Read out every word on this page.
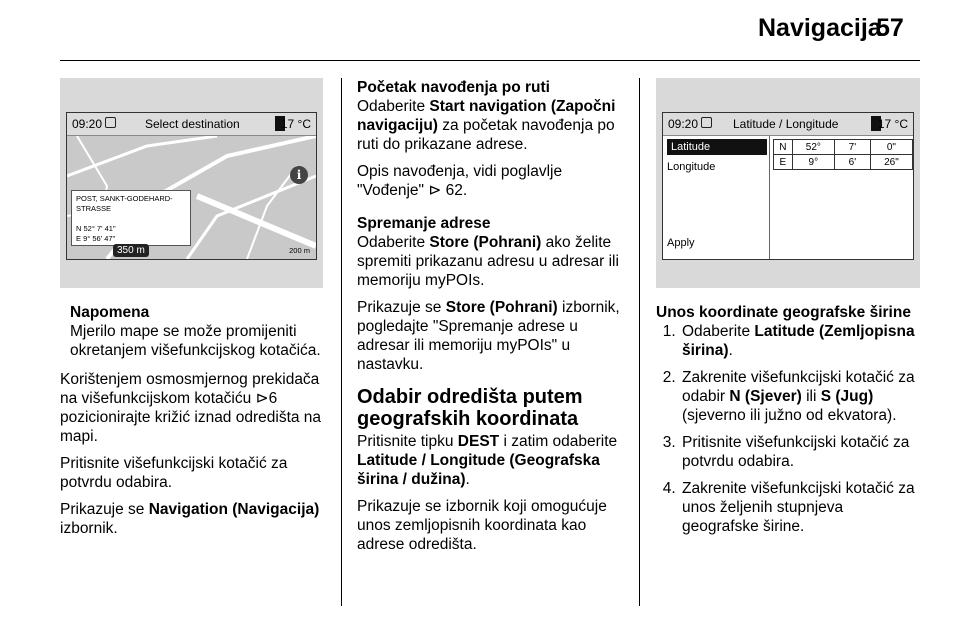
Navigacija
57
09:20	Select destination	17 °C
i
POST, SANKT-GODEHARD-STRASSE
N 52° 7' 41"
E 9° 56' 47"
350 m	200 m
Napomena
Mjerilo mape se može promijeniti okretanjem višefunkcijskog kotačića.

Korištenjem osmosmjernog prekidača na višefunkcijskom kotačiću ⊳6 pozicionirajte križić iznad odredišta na mapi.

Pritisnite višefunkcijski kotačić za potvrdu odabira.

Prikazuje se Navigation (Navigacija) izbornik.

Početak navođenja po ruti

Odaberite Start navigation (Započni navigaciju) za početak navođenja po ruti do prikazane adrese.

Opis navođenja, vidi poglavlje "Vođenje" ⊳ 62.

Spremanje adrese

Odaberite Store (Pohrani) ako želite spremiti prikazanu adresu u adresar ili memoriju myPOIs.

Prikazuje se Store (Pohrani) izbornik, pogledajte "Spremanje adrese u adresar ili memoriju myPOIs" u nastavku.

Odabir odredišta putem geografskih koordinata

Pritisnite tipku DEST i zatim odaberite Latitude / Longitude (Geografska širina / dužina).

Prikazuje se izbornik koji omogućuje unos zemljopisnih koordinata kao adrese odredišta.

09:20	Latitude / Longitude	17 °C
Latitude
Longitude
Apply
N	52°	7'	0"
E	9°	6'	26"
Unos koordinate geografske širine
1. Odaberite Latitude (Zemljopisna širina).
2. Zakrenite višefunkcijski kotačić za odabir N (Sjever) ili S (Jug) (sjeverno ili južno od ekvatora).
3. Pritisnite višefunkcijski kotačić za potvrdu odabira.
4. Zakrenite višefunkcijski kotačić za unos željenih stupnjeva geografske širine.
